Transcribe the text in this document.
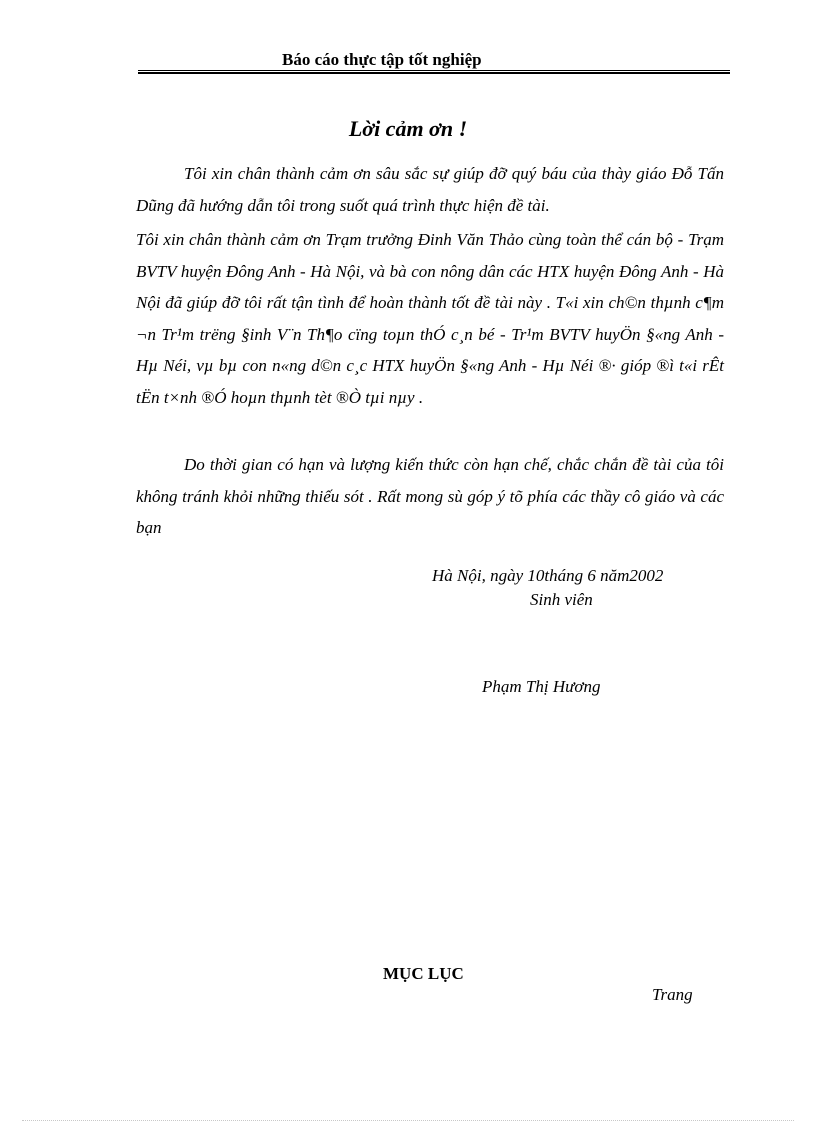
Báo cáo thực tập tốt nghiệp
Lời cảm ơn !

Tôi xin chân thành cảm ơn sâu sắc sự giúp đỡ quý báu của thày giáo Đỗ Tấn Dũng đã hướng dẫn tôi trong suốt quá trình thực hiện đề tài.

Tôi xin chân thành cảm ơn Trạm trưởng Đinh Văn Thảo cùng toàn thể cán bộ - Trạm BVTV huyện Đông Anh - Hà Nội, và bà con nông dân các HTX huyện Đông Anh - Hà Nội đã giúp đỡ tôi rất tận tình để hoàn thành tốt đề tài này . T«i xin ch©n thµnh c¶m ¬n Tr¹m trëng §inh V¨n Th¶o cïng toµn thÓ c¸n bé - Tr¹m BVTV huyÖn §«ng Anh - Hµ Néi, vµ bµ con n«ng d©n c¸c HTX huyÖn §«ng Anh - Hµ Néi ®· gióp ®ì t«i rÊt tËn t×nh ®Ó hoµn thµnh tèt ®Ò tµi nµy .

Do thời gian có hạn và lượng kiến thức còn hạn chế, chắc chắn đề tài của tôi không tránh khỏi những thiếu sót . Rất mong sù góp ý tõ phía các thầy cô giáo và các bạn

Hà Nội, ngày 10tháng 6 năm2002
Sinh viên
Phạm Thị Hương
MỤC LỤC
Trang
